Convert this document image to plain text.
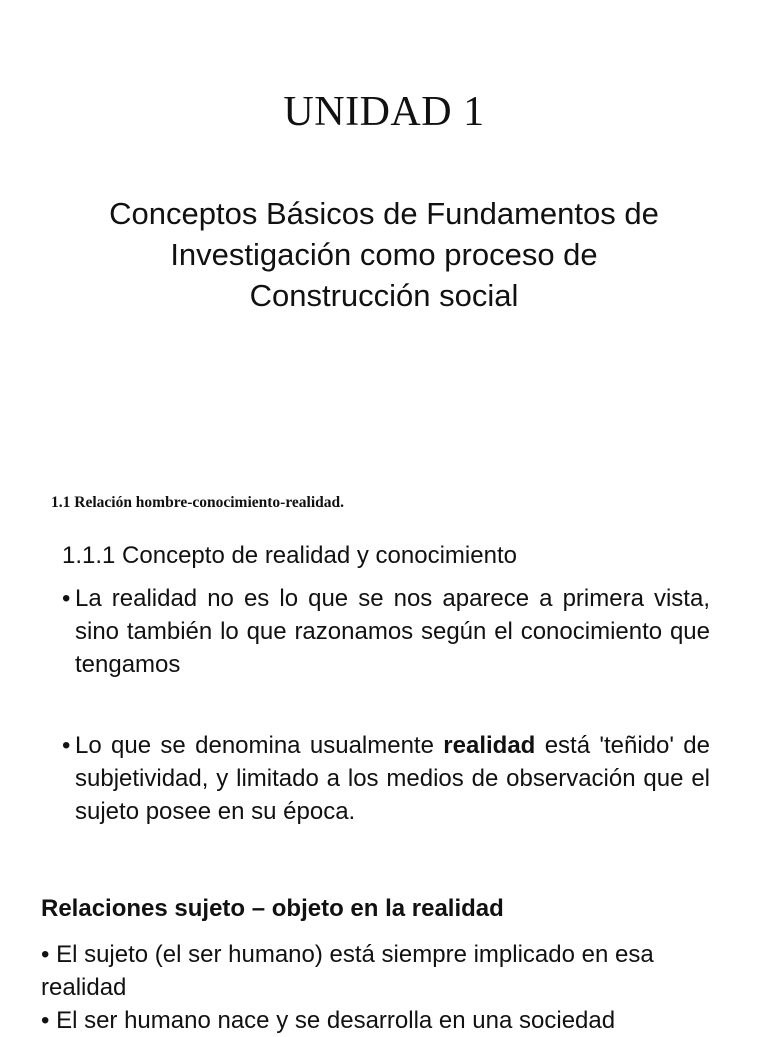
UNIDAD 1
Conceptos Básicos de Fundamentos de Investigación como proceso de Construcción social

1.1 Relación hombre-conocimiento-realidad.

1.1.1 Concepto de realidad y conocimiento

• La realidad no es lo que se nos aparece a primera vista, sino también lo que razonamos según el conocimiento que tengamos
• Lo que se denomina usualmente realidad está 'teñido' de subjetividad, y limitado a los medios de observación que el sujeto posee en su época.

Relaciones sujeto – objeto en la realidad

• El sujeto (el ser humano) está siempre implicado en esa realidad

• El ser humano nace y se desarrolla en una sociedad
